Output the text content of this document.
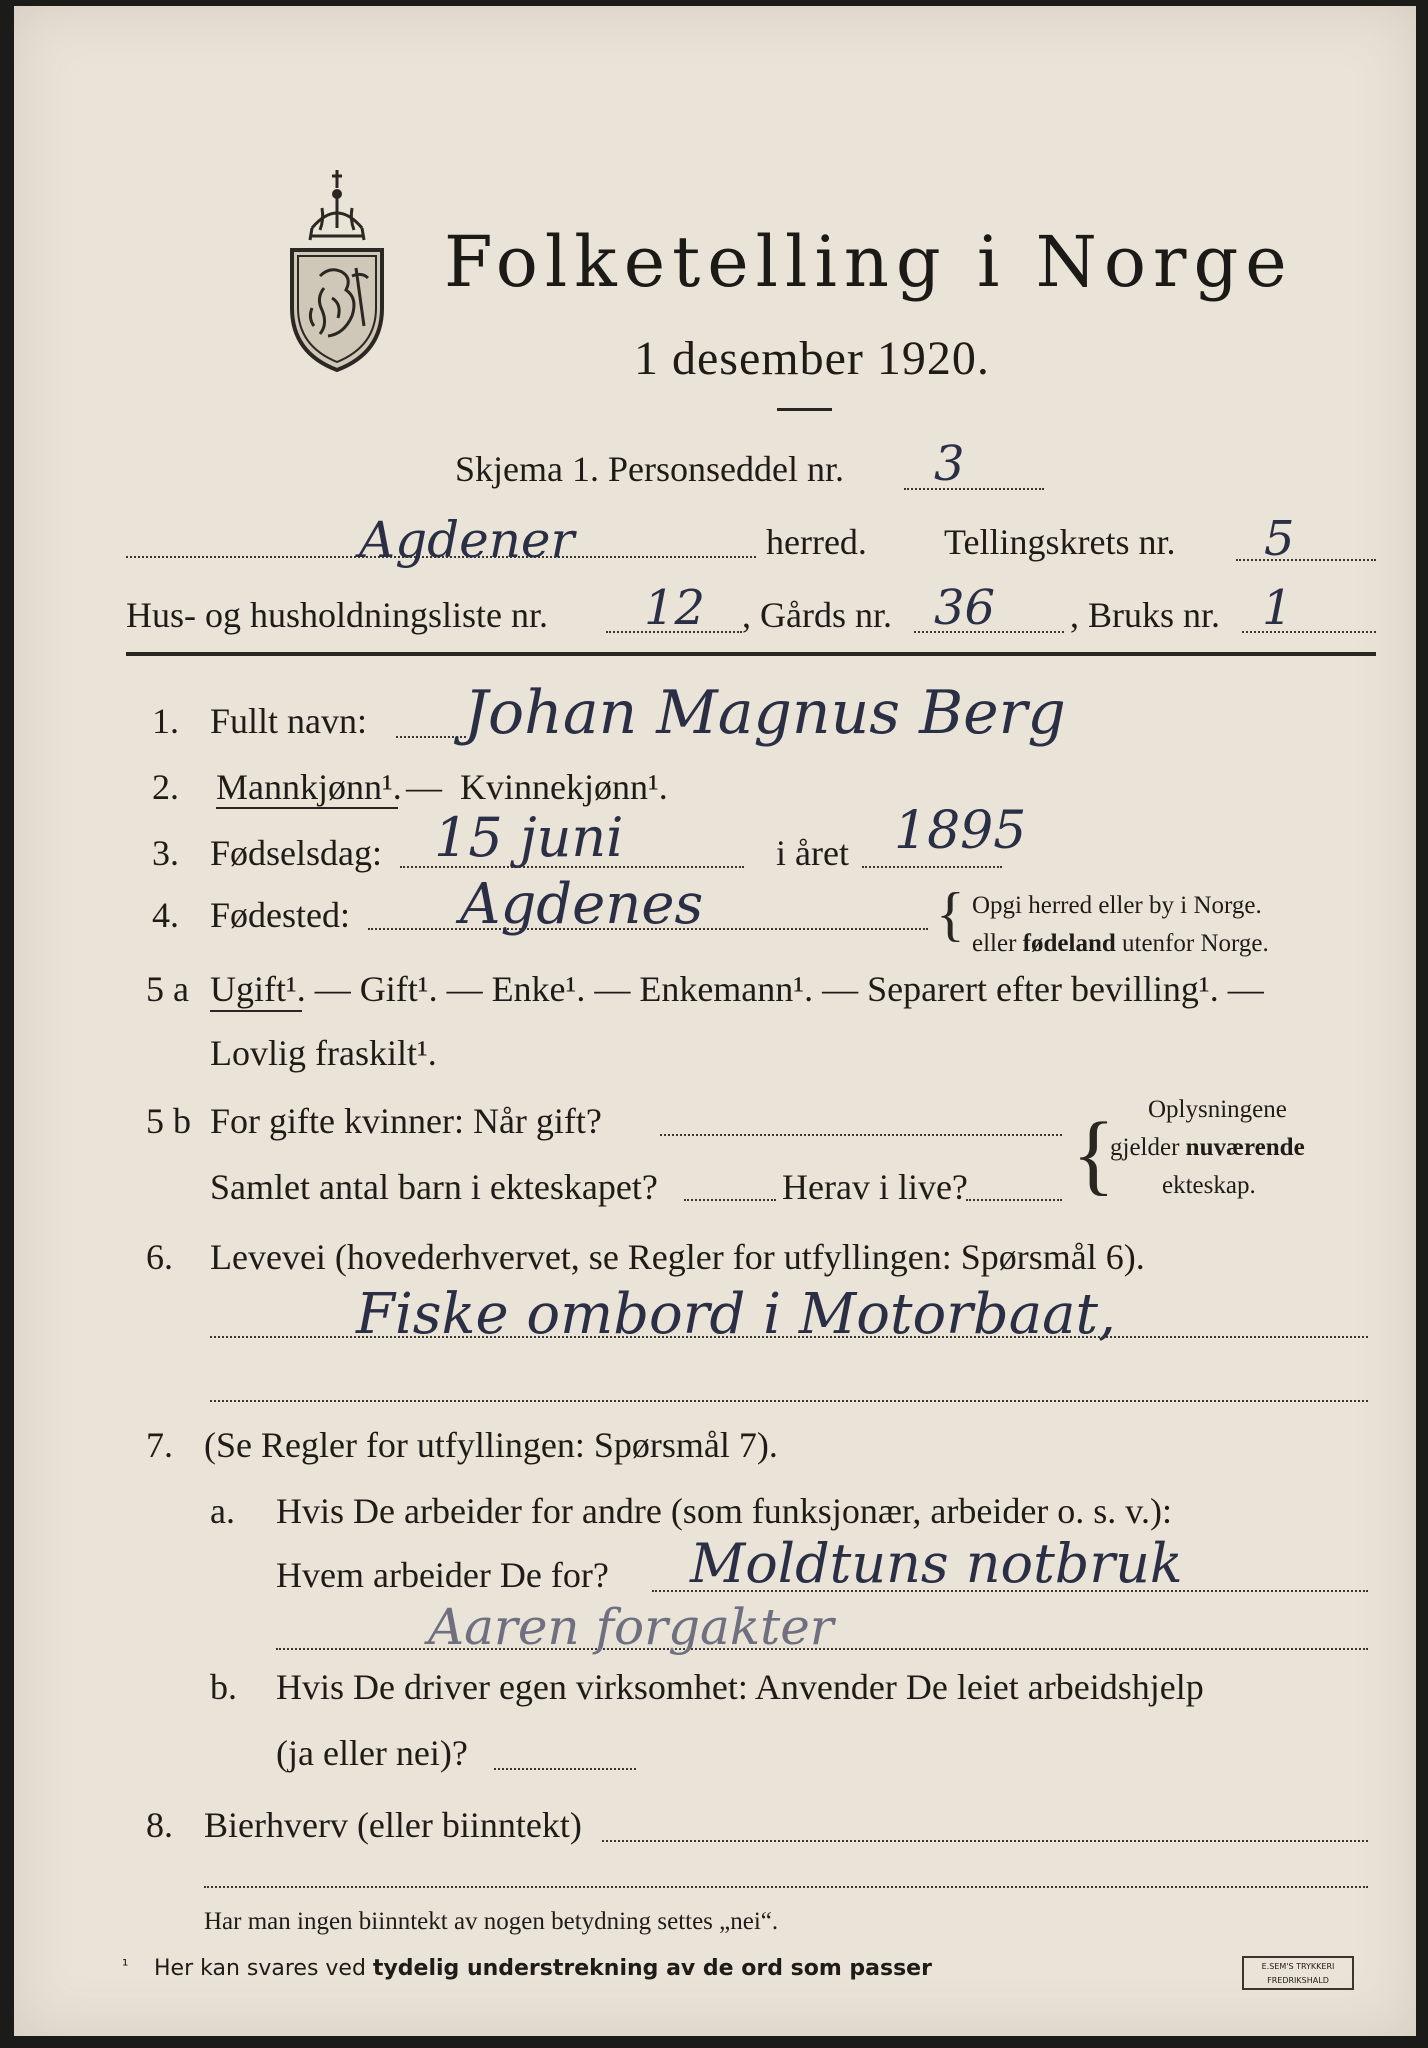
Folketelling i Norge
1 desember 1920.
Skjema 1. Personseddel nr. 3
Agdener	herred. Tellingskrets nr. 5
Hus- og husholdningsliste nr. 12 , Gårds nr. 36 , Bruks nr. 1
1. Fullt navn: Johan Magnus Berg
2. Mannkjønn¹. — Kvinnekjønn¹.
3. Fødselsdag: 15 juni	i året 1895
4. Fødested: Agdenes	{ Opgi herred eller by i Norge.
eller fødeland utenfor Norge.
5 a Ugift¹. — Gift¹. — Enke¹. — Enkemann¹. — Separert efter bevilling¹. —
Lovlig fraskilt¹.
5 b For gifte kvinner: Når gift?
Samlet antal barn i ekteskapet?	Herav i live? { Oplysningene
gjelder nuværende
ekteskap.
6. Levevei (hovederhvervet, se Regler for utfyllingen: Spørsmål 6).
Fiske ombord i Motorbaat,
7. (Se Regler for utfyllingen: Spørsmål 7).
a. Hvis De arbeider for andre (som funksjonær, arbeider o. s. v.):
Hvem arbeider De for? Moldtuns notbruk
Aaren forgakter
b. Hvis De driver egen virksomhet: Anvender De leiet arbeidshjelp
(ja eller nei)?
8. Bierhverv (eller biinntekt)
Har man ingen biinntekt av nogen betydning settes „nei“.
¹ Her kan svares ved tydelig understrekning av de ord som passer	E.SEM'S TRYKKERI
FREDRIKSHALD
